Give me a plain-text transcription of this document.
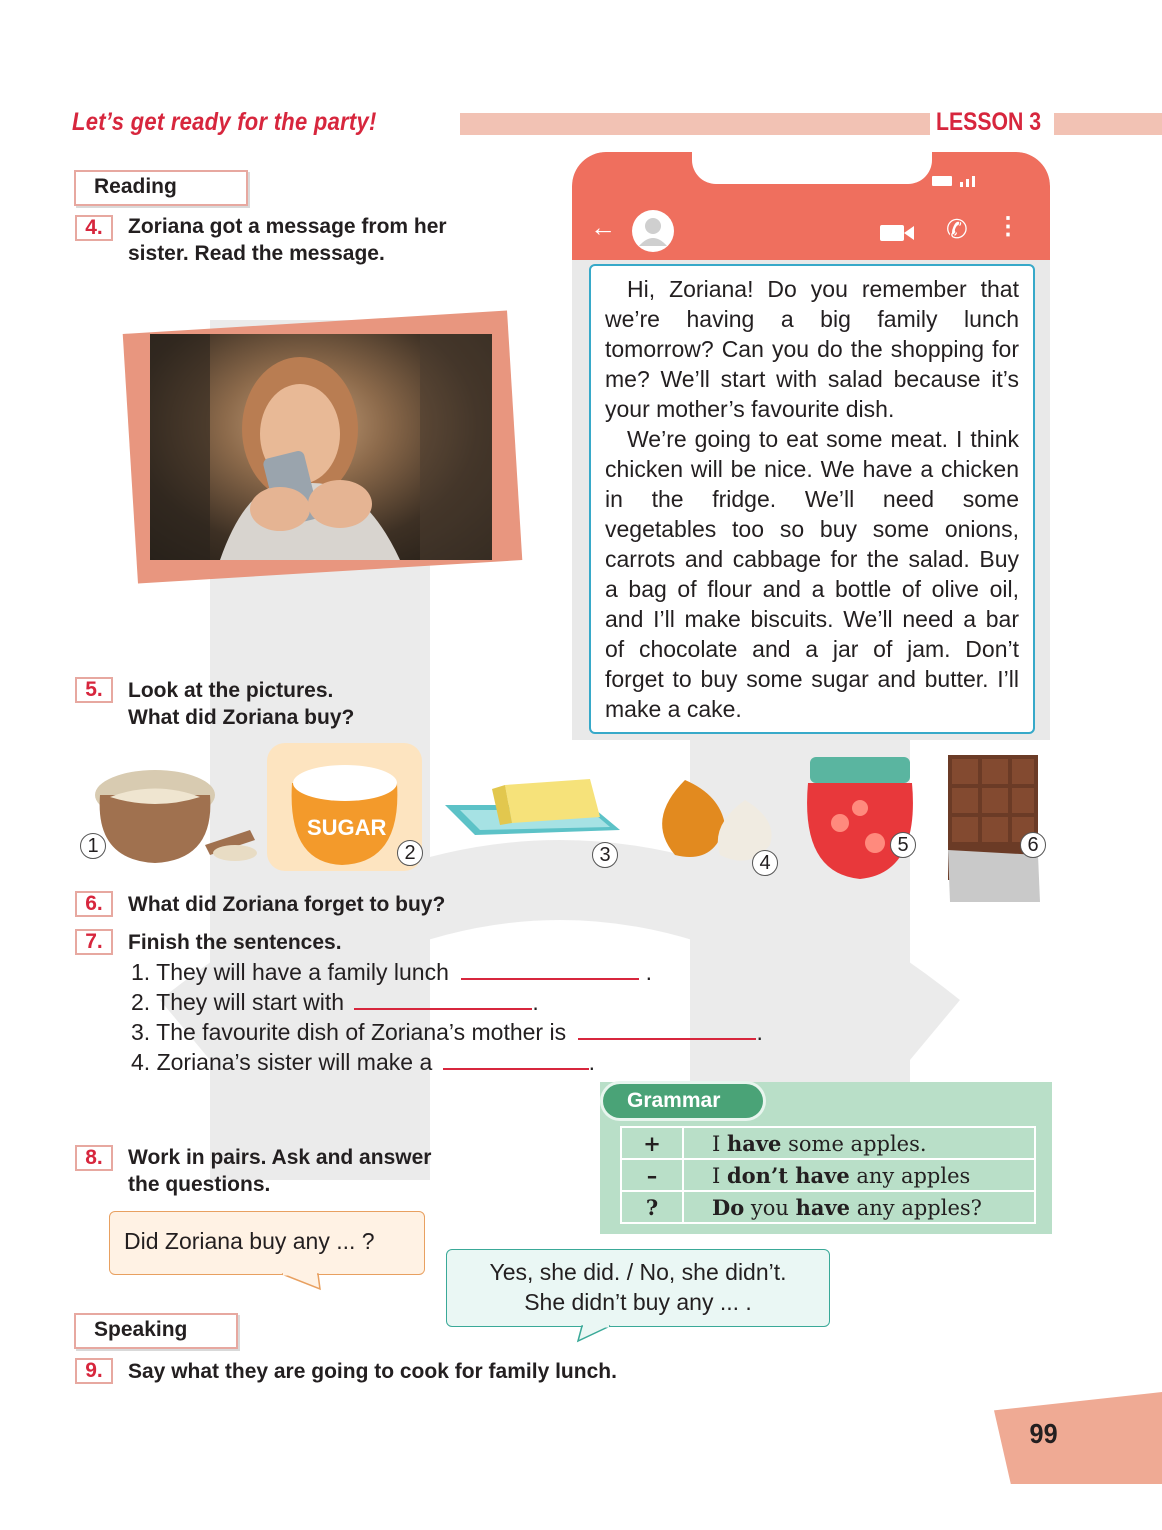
Let’s get ready for the party!	LESSON 3
Reading
4.	Zoriana got a message from her
sister. Read the message.
←	✆ ⋮

Hi, Zoriana! Do you remember that we’re having a big family lunch tomorrow? Can you do the shopping for me? We’ll start with salad because it’s your mother’s favourite dish.

We’re going to eat some meat. I think chicken will be nice. We have a chicken in the fridge. We’ll need some vegetables too so buy some onions, carrots and cabbage for the salad. Buy a bag of flour and a bottle of olive oil, and I’ll make biscuits. We’ll need a bar of chocolate and a jar of jam. Don’t forget to buy some sugar and butter. I’ll make a cake.

5.	Look at the pictures.
What did Zoriana buy?
1
SUGAR
2	3	4
5	6
6.	What did Zoriana forget to buy?
7.	Finish the sentences.
1. They will have a family lunch	.
2. They will start with	.
3. The favourite dish of Zoriana’s mother is	.
4. Zoriana’s sister will make a	.
Grammar
+	I have some apples.
–	I don’t have any apples
?	Do you have any apples?
8.	Work in pairs. Ask and answer
the questions.
Did Zoriana buy any ... ?
Yes, she did. / No, she didn’t.
She didn’t buy any ... .
Speaking
9.	Say what they are going to cook for family lunch.
99
